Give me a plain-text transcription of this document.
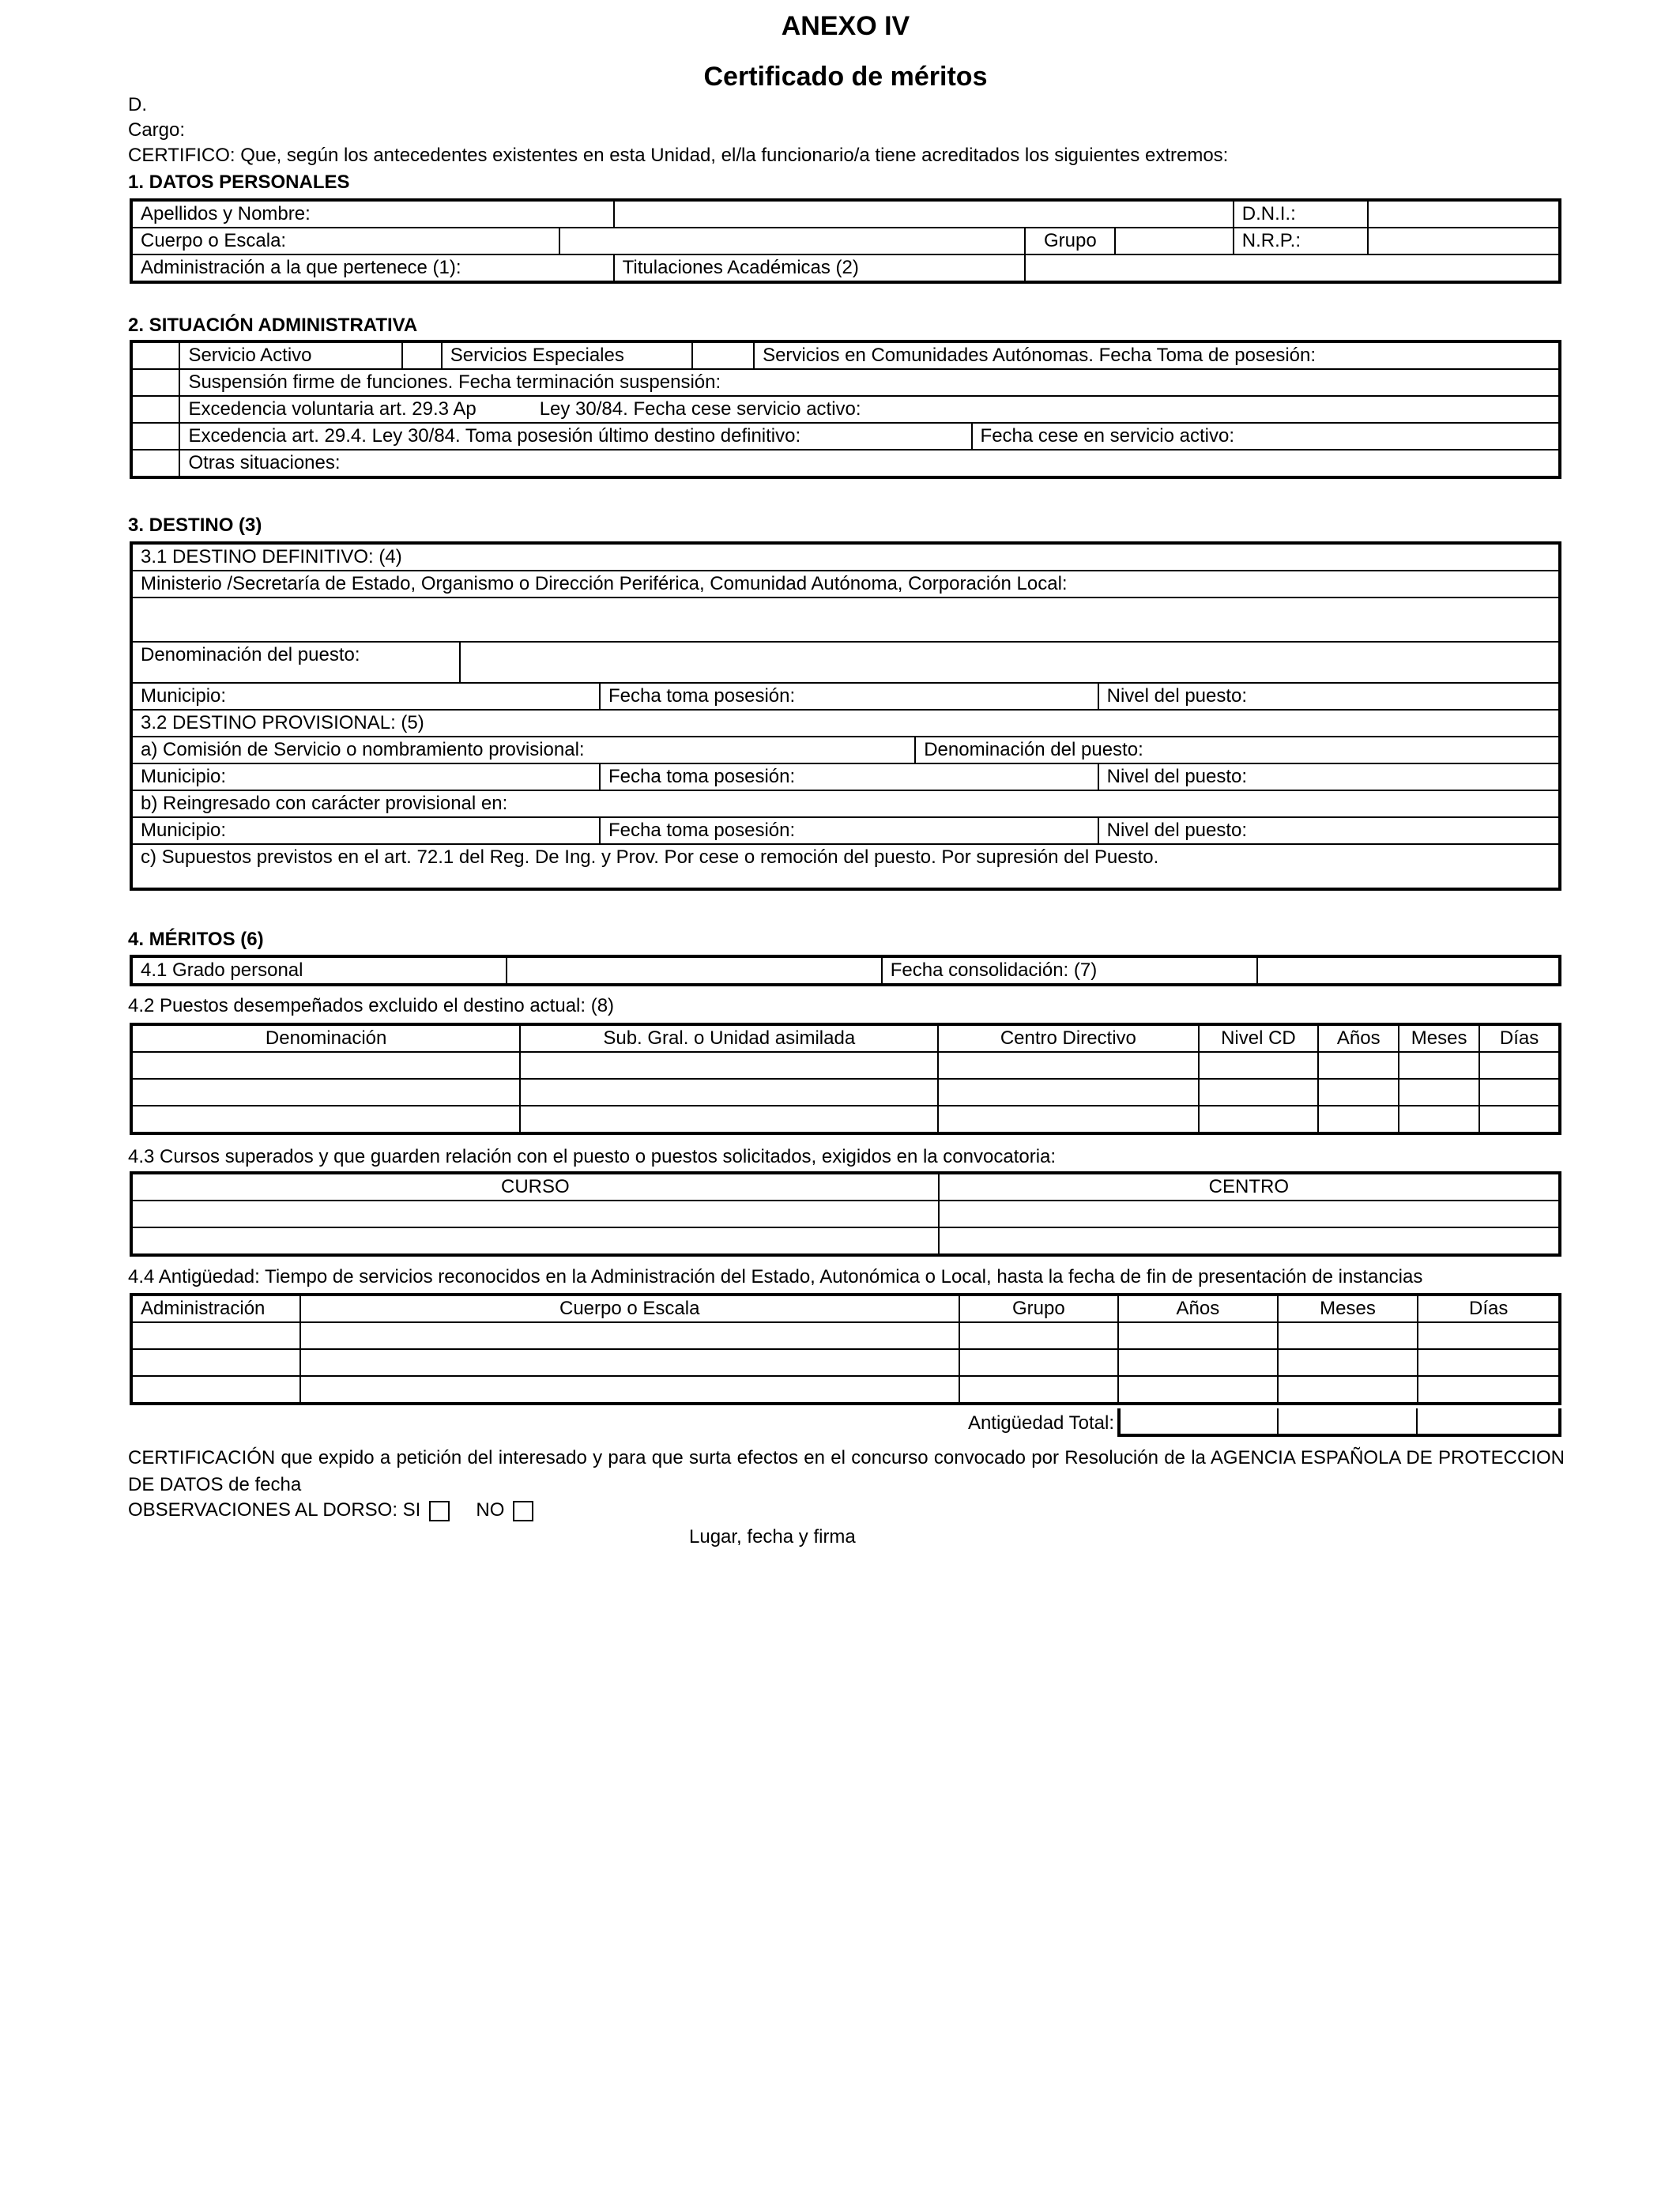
ANEXO IV
Certificado de méritos
D.
Cargo:
CERTIFICO: Que, según los antecedentes existentes en esta Unidad, el/la funcionario/a tiene acreditados los siguientes extremos:
1. DATOS PERSONALES
Apellidos y Nombre:					D.N.I.:	
Cuerpo o Escala:			Grupo		N.R.P.:	
Administración a la que pertenece (1):		Titulaciones Académicas (2)				
2. SITUACIÓN ADMINISTRATIVA
	Servicio Activo		Servicios Especiales		Servicios en Comunidades Autónomas. Fecha Toma de posesión:	
	Suspensión firme de funciones. Fecha terminación suspensión:					
	Excedencia voluntaria art. 29.3 Ap Ley 30/84. Fecha cese servicio activo:					
	Excedencia art. 29.4. Ley 30/84. Toma posesión último destino definitivo:					Fecha cese en servicio activo:
	Otras situaciones:					
3. DESTINO (3)
3.1 DESTINO DEFINITIVO: (4)				
Ministerio /Secretaría de Estado, Organismo o Dirección Periférica, Comunidad Autónoma, Corporación Local:				

Denominación del puesto:				
Municipio:		Fecha toma posesión:		Nivel del puesto:
3.2 DESTINO PROVISIONAL: (5)				
a) Comisión de Servicio o nombramiento provisional:			Denominación del puesto:	
Municipio:		Fecha toma posesión:		Nivel del puesto:
b) Reingresado con carácter provisional en:				
Municipio:		Fecha toma posesión:		Nivel del puesto:
c) Supuestos previstos en el art. 72.1 del Reg. De Ing. y Prov. Por cese o remoción del puesto. Por supresión del Puesto.				
4. MÉRITOS (6)
4.1 Grado personal		Fecha consolidación: (7)	
4.2 Puestos desempeñados excluido el destino actual: (8)
Denominación	Sub. Gral. o Unidad asimilada	Centro Directivo	Nivel CD	Años	Meses	Días

4.3 Cursos superados y que guarden relación con el puesto o puestos solicitados, exigidos en la convocatoria:
CURSO	CENTRO

4.4 Antigüedad: Tiempo de servicios reconocidos en la Administración del Estado, Autonómica o Local, hasta la fecha de fin de presentación de instancias
Administración	Cuerpo o Escala	Grupo	Años	Meses	Días

Antigüedad Total:

CERTIFICACIÓN que expido a petición del interesado y para que surta efectos en el concurso convocado por Resolución de la AGENCIA ESPAÑOLA DE PROTECCION DE DATOS de fecha
OBSERVACIONES AL DORSO: SI	NO
Lugar, fecha y firma
